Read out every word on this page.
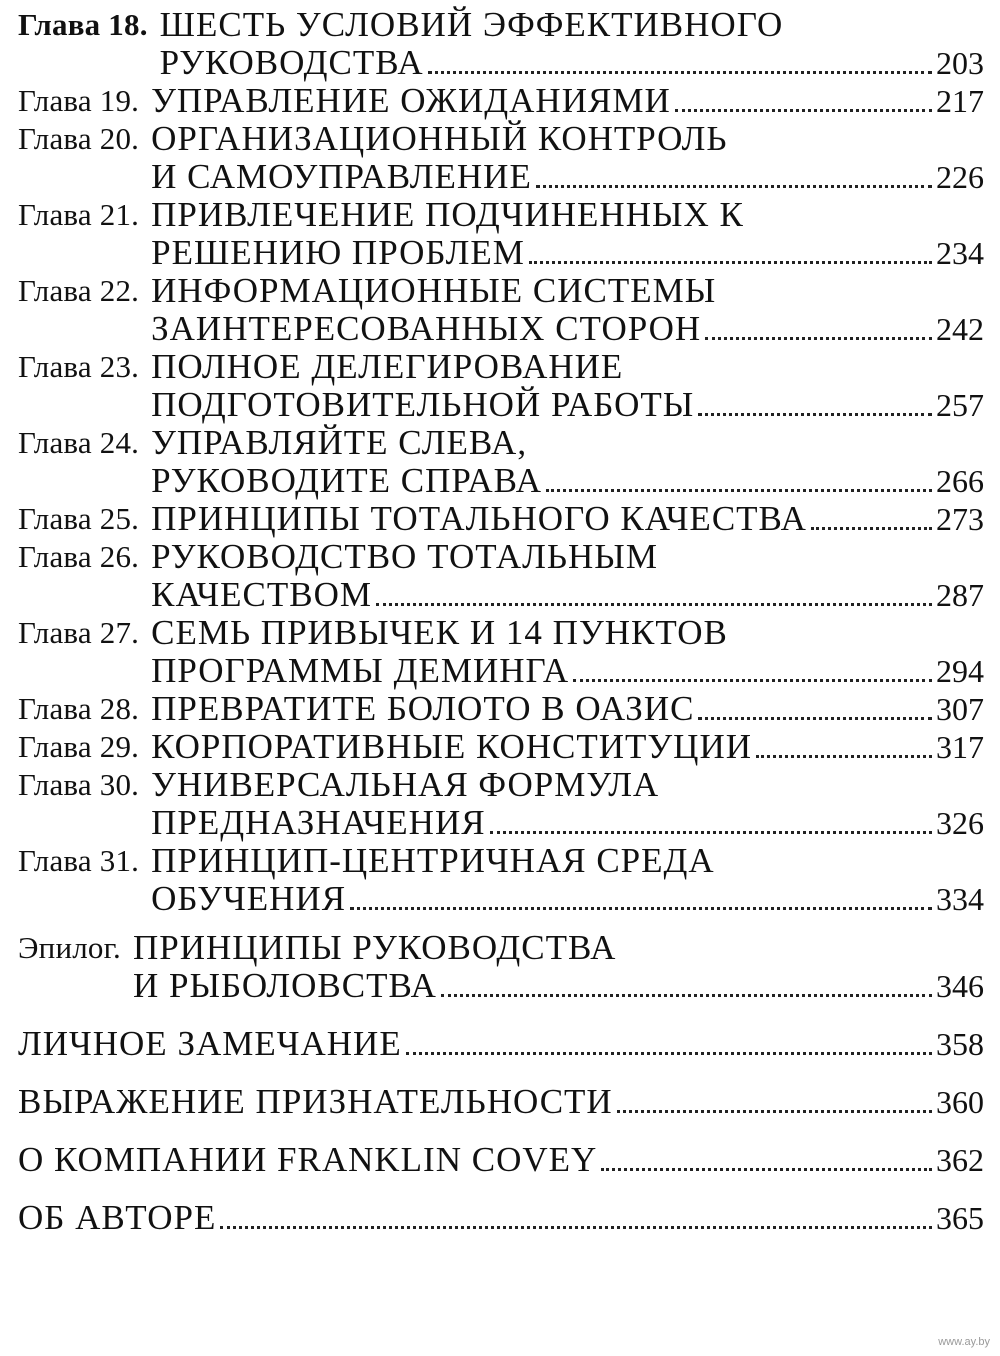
Глава 18. ШЕСТЬ УСЛОВИЙ ЭФФЕКТИВНОГО
РУКОВОДСТВА	203
Глава 19. УПРАВЛЕНИЕ ОЖИДАНИЯМИ	217
Глава 20. ОРГАНИЗАЦИОННЫЙ КОНТРОЛЬ
И САМОУПРАВЛЕНИЕ	226
Глава 21. ПРИВЛЕЧЕНИЕ ПОДЧИНЕННЫХ К
РЕШЕНИЮ ПРОБЛЕМ	234
Глава 22. ИНФОРМАЦИОННЫЕ СИСТЕМЫ
ЗАИНТЕРЕСОВАННЫХ СТОРОН	242
Глава 23. ПОЛНОЕ ДЕЛЕГИРОВАНИЕ
ПОДГОТОВИТЕЛЬНОЙ РАБОТЫ	257
Глава 24. УПРАВЛЯЙТЕ СЛЕВА,
РУКОВОДИТЕ СПРАВА	266
Глава 25. ПРИНЦИПЫ ТОТАЛЬНОГО КАЧЕСТВА	273
Глава 26. РУКОВОДСТВО ТОТАЛЬНЫМ
КАЧЕСТВОМ	287
Глава 27. СЕМЬ ПРИВЫЧЕК И 14 ПУНКТОВ
ПРОГРАММЫ ДЕМИНГА	294
Глава 28. ПРЕВРАТИТЕ БОЛОТО В ОАЗИС	307
Глава 29. КОРПОРАТИВНЫЕ КОНСТИТУЦИИ	317
Глава 30. УНИВЕРСАЛЬНАЯ ФОРМУЛА
ПРЕДНАЗНАЧЕНИЯ	326
Глава 31. ПРИНЦИП-ЦЕНТРИЧНАЯ СРЕДА
ОБУЧЕНИЯ	334
Эпилог. ПРИНЦИПЫ РУКОВОДСТВА
И РЫБОЛОВСТВА	346
ЛИЧНОЕ ЗАМЕЧАНИЕ	358
ВЫРАЖЕНИЕ ПРИЗНАТЕЛЬНОСТИ	360
О КОМПАНИИ FRANKLIN COVEY	362
ОБ АВТОРЕ	365
www.ay.by
